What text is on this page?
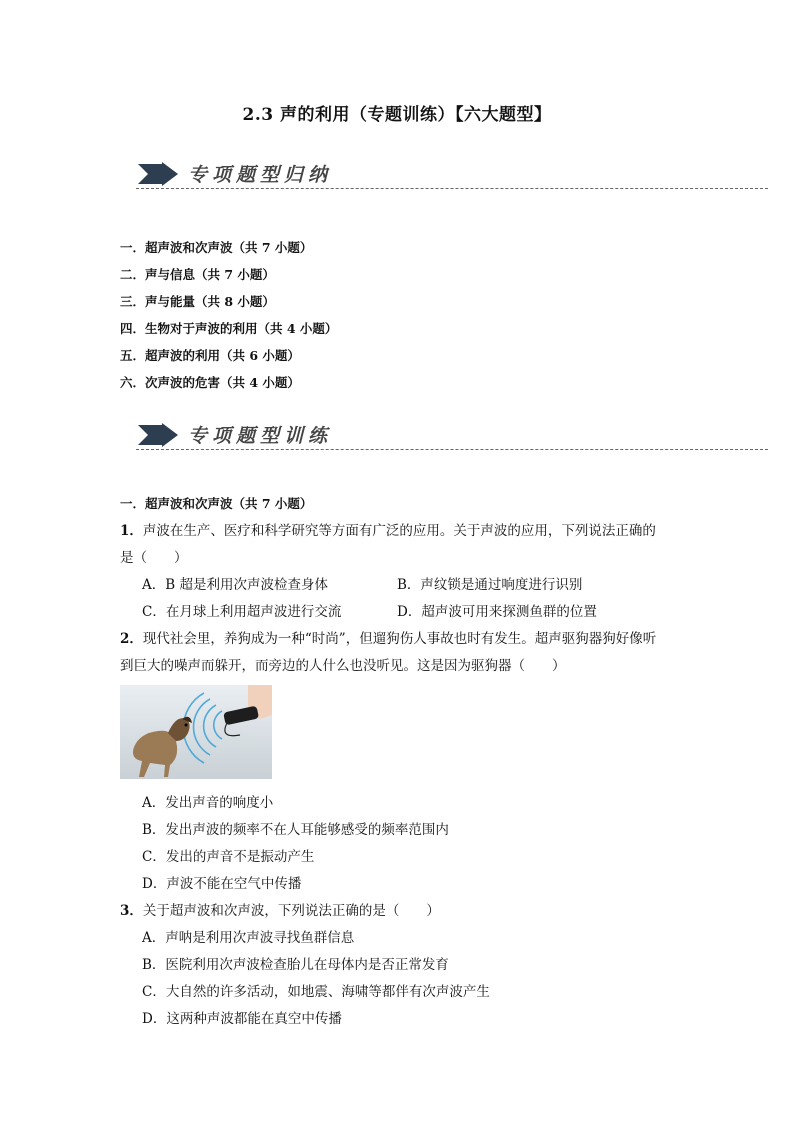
2.3 声的利用（专题训练）【六大题型】
专项题型归纳
一．超声波和次声波（共 7 小题）
二．声与信息（共 7 小题）
三．声与能量（共 8 小题）
四．生物对于声波的利用（共 4 小题）
五．超声波的利用（共 6 小题）
六．次声波的危害（共 4 小题）
专项题型训练
一．超声波和次声波（共 7 小题）
1．声波在生产、医疗和科学研究等方面有广泛的应用。关于声波的应用，下列说法正确的
是（　　）
A．B 超是利用次声波检查身体	B．声纹锁是通过响度进行识别
C．在月球上利用超声波进行交流	D．超声波可用来探测鱼群的位置
2．现代社会里，养狗成为一种“时尚”，但遛狗伤人事故也时有发生。超声驱狗器狗好像听
到巨大的噪声而躲开，而旁边的人什么也没听见。这是因为驱狗器（　　）
A．发出声音的响度小
B．发出声波的频率不在人耳能够感受的频率范围内
C．发出的声音不是振动产生
D．声波不能在空气中传播
3．关于超声波和次声波，下列说法正确的是（　　）
A．声呐是利用次声波寻找鱼群信息
B．医院利用次声波检查胎儿在母体内是否正常发育
C．大自然的许多活动，如地震、海啸等都伴有次声波产生
D．这两种声波都能在真空中传播
